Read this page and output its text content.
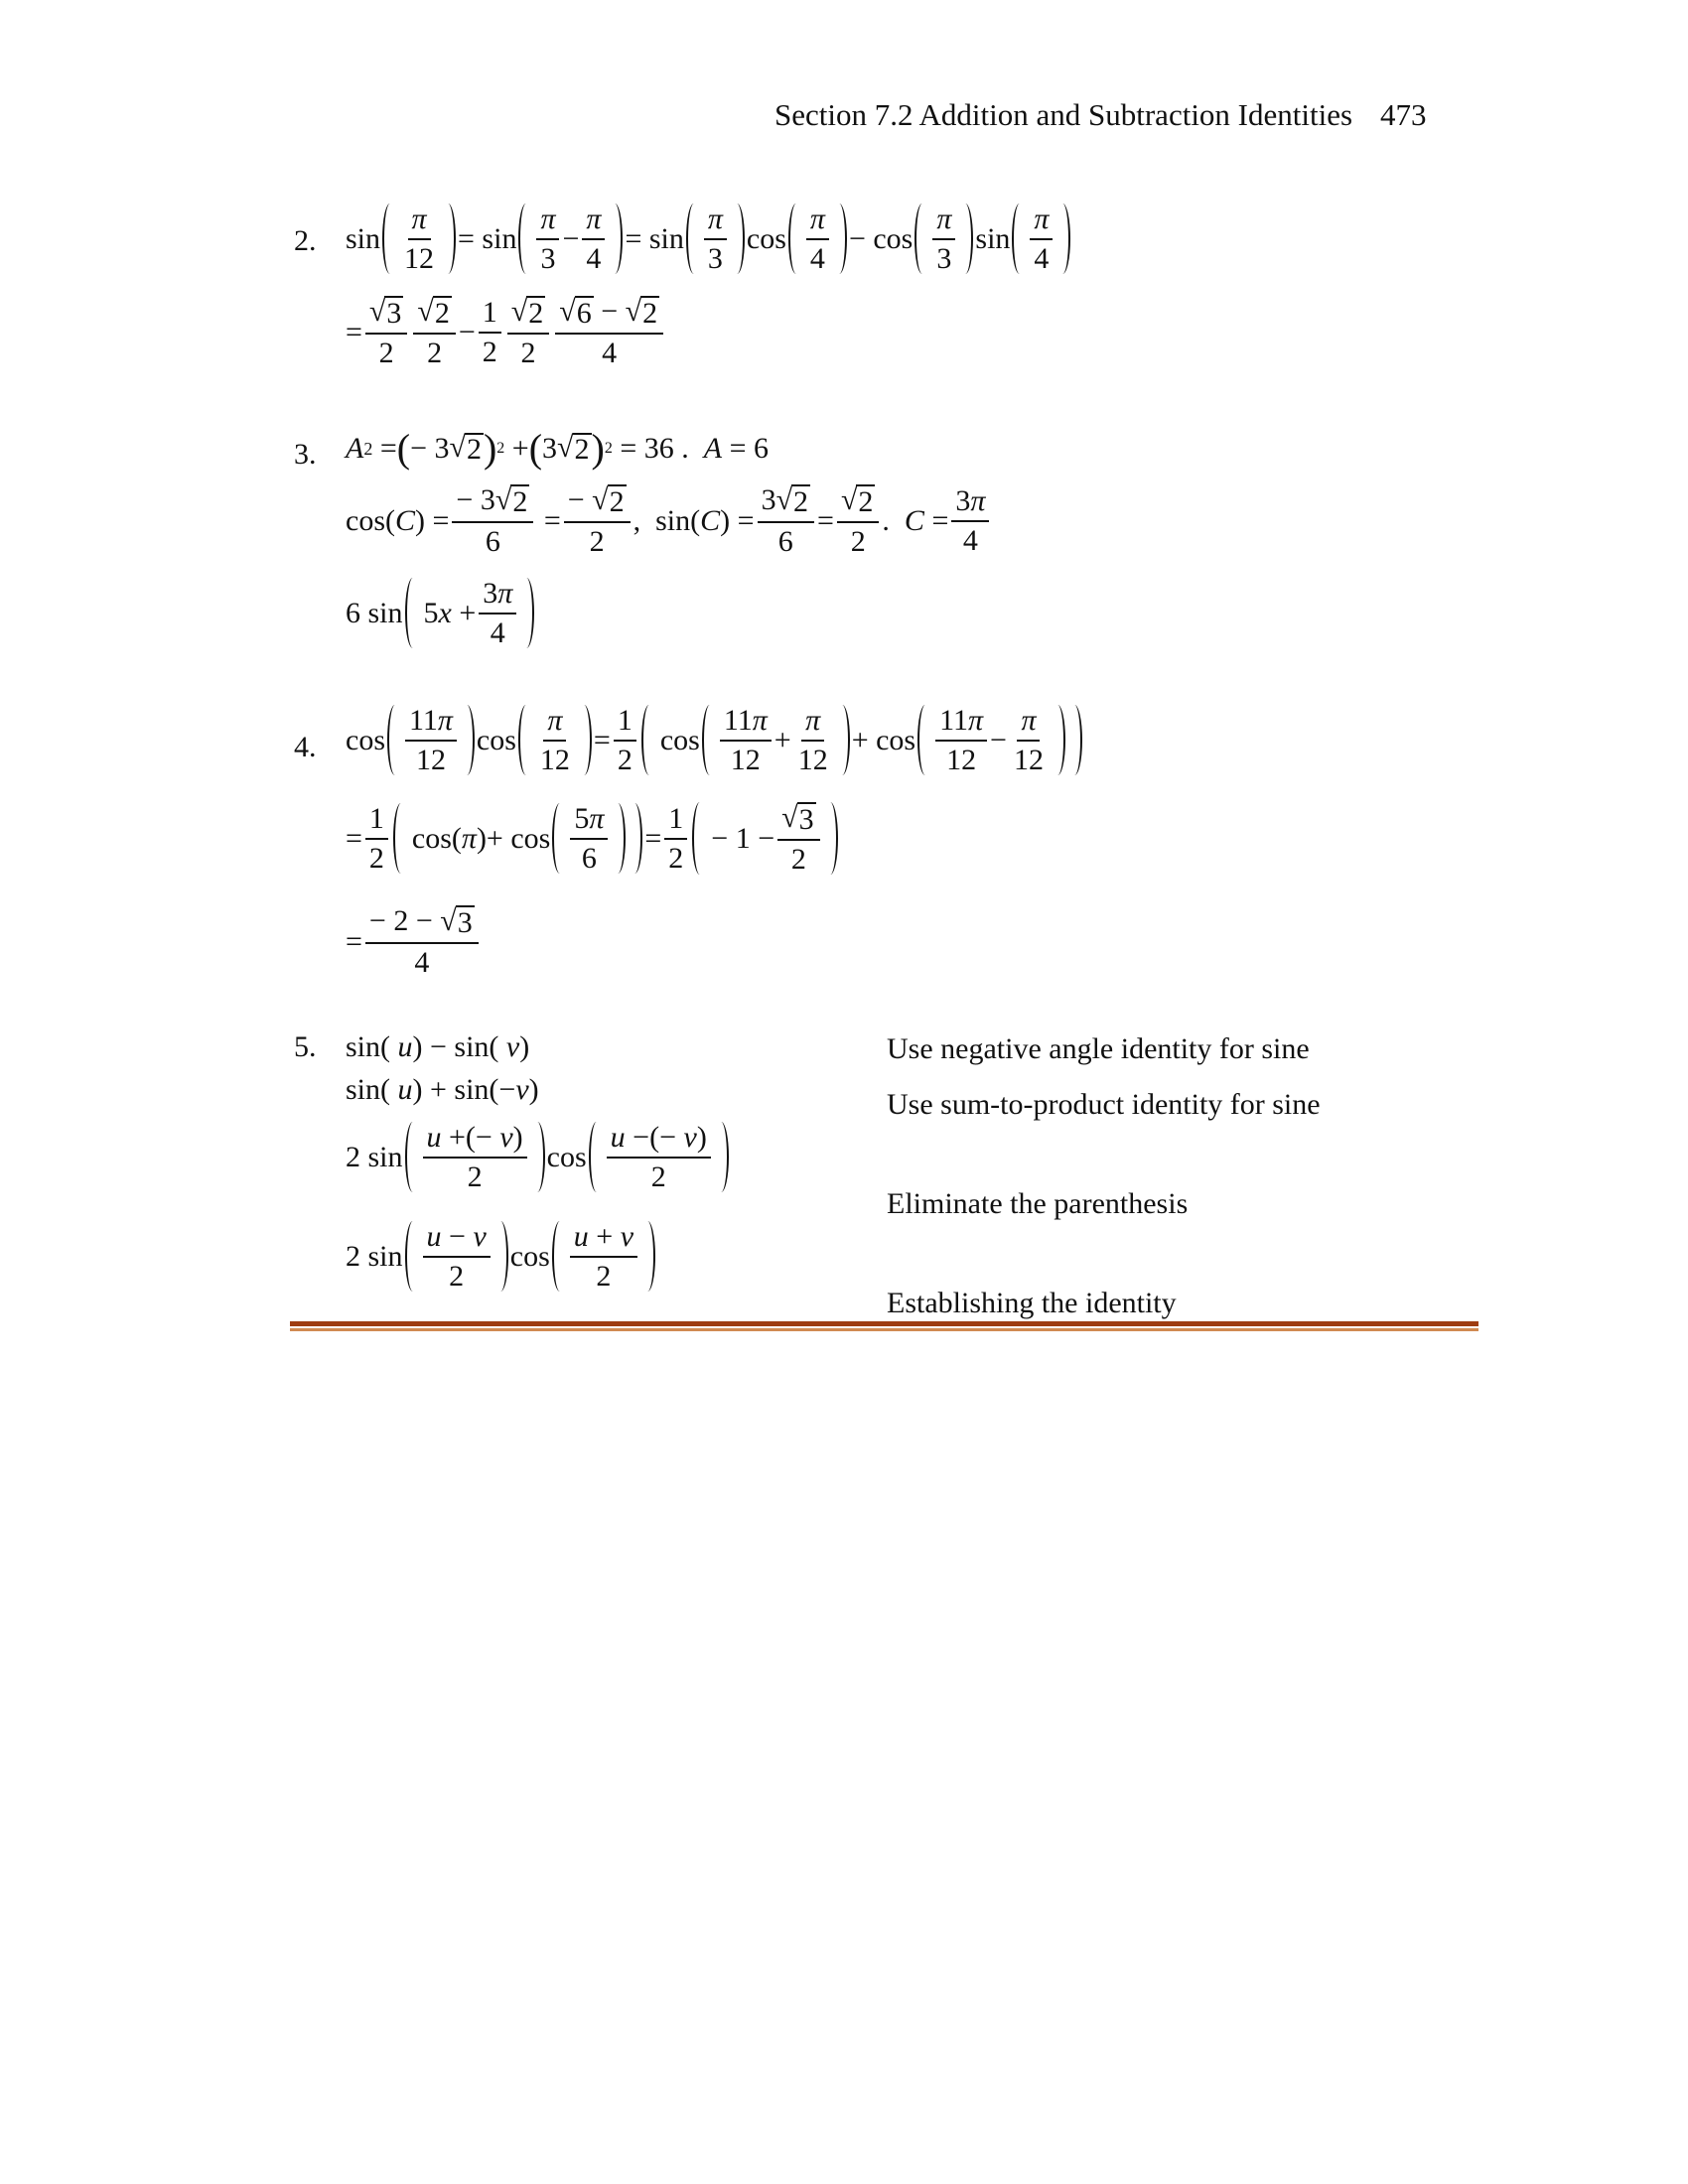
Section 7.2 Addition and Subtraction Identities 473
2. $\sin \frac{\pi}{12} = \sin \frac{\pi}{3} - \frac{\pi}{4} = \sin \frac{\pi}{3}$ $\cos \frac{\pi}{4} - \cos \frac{\pi}{3}$ $\sin \frac{\pi}{4}$
= $\frac{√ 3}{2} \frac{√ 2}{2} - \frac{1}{2} \frac{√ 2}{2} \frac{√ 6 - √ 2}{4}$
3. A 2 = ( − 3 √ 2 ) 2 + ( 3 √ 2 ) 2 = 36 . A = 6
cos( C ) = $\frac{- 3 √ 2}{6} = \frac{- √ 2}{2}$ ,  sin( C ) = $\frac{3 √ 2}{6} = \frac{√ 2}{2}$ . $C = \frac{3\pi}{4}$
6 $\sin 5x + \frac{3\pi}{4}$
4. $\cos \frac{11\pi}{12}$ $\cos \frac{\pi}{12} = \frac{1}{2}$ $\cos \frac{11\pi}{12} + \frac{\pi}{12} + \cos \frac{11\pi}{12} - \frac{\pi}{12}$
= $\frac{1}{2} \cos(\pi)+ \cos \frac{5\pi}{6} = \frac{1}{2} - 1 - \frac{√ 3}{2}$
= $\frac{- 2 - √ 3}{4}$
5. sin( u ) − sin( v )
sin( u ) + sin(− v )
2 $\sin \frac{u +(- v)}{2}$ $\cos \frac{u -(- v)}{2}$
2 $\sin \frac{u - v}{2}$ $\cos \frac{u + v}{2}$
Use negative angle identity for sine
Use sum-to-product identity for sine
Eliminate the parenthesis
Establishing the identity
